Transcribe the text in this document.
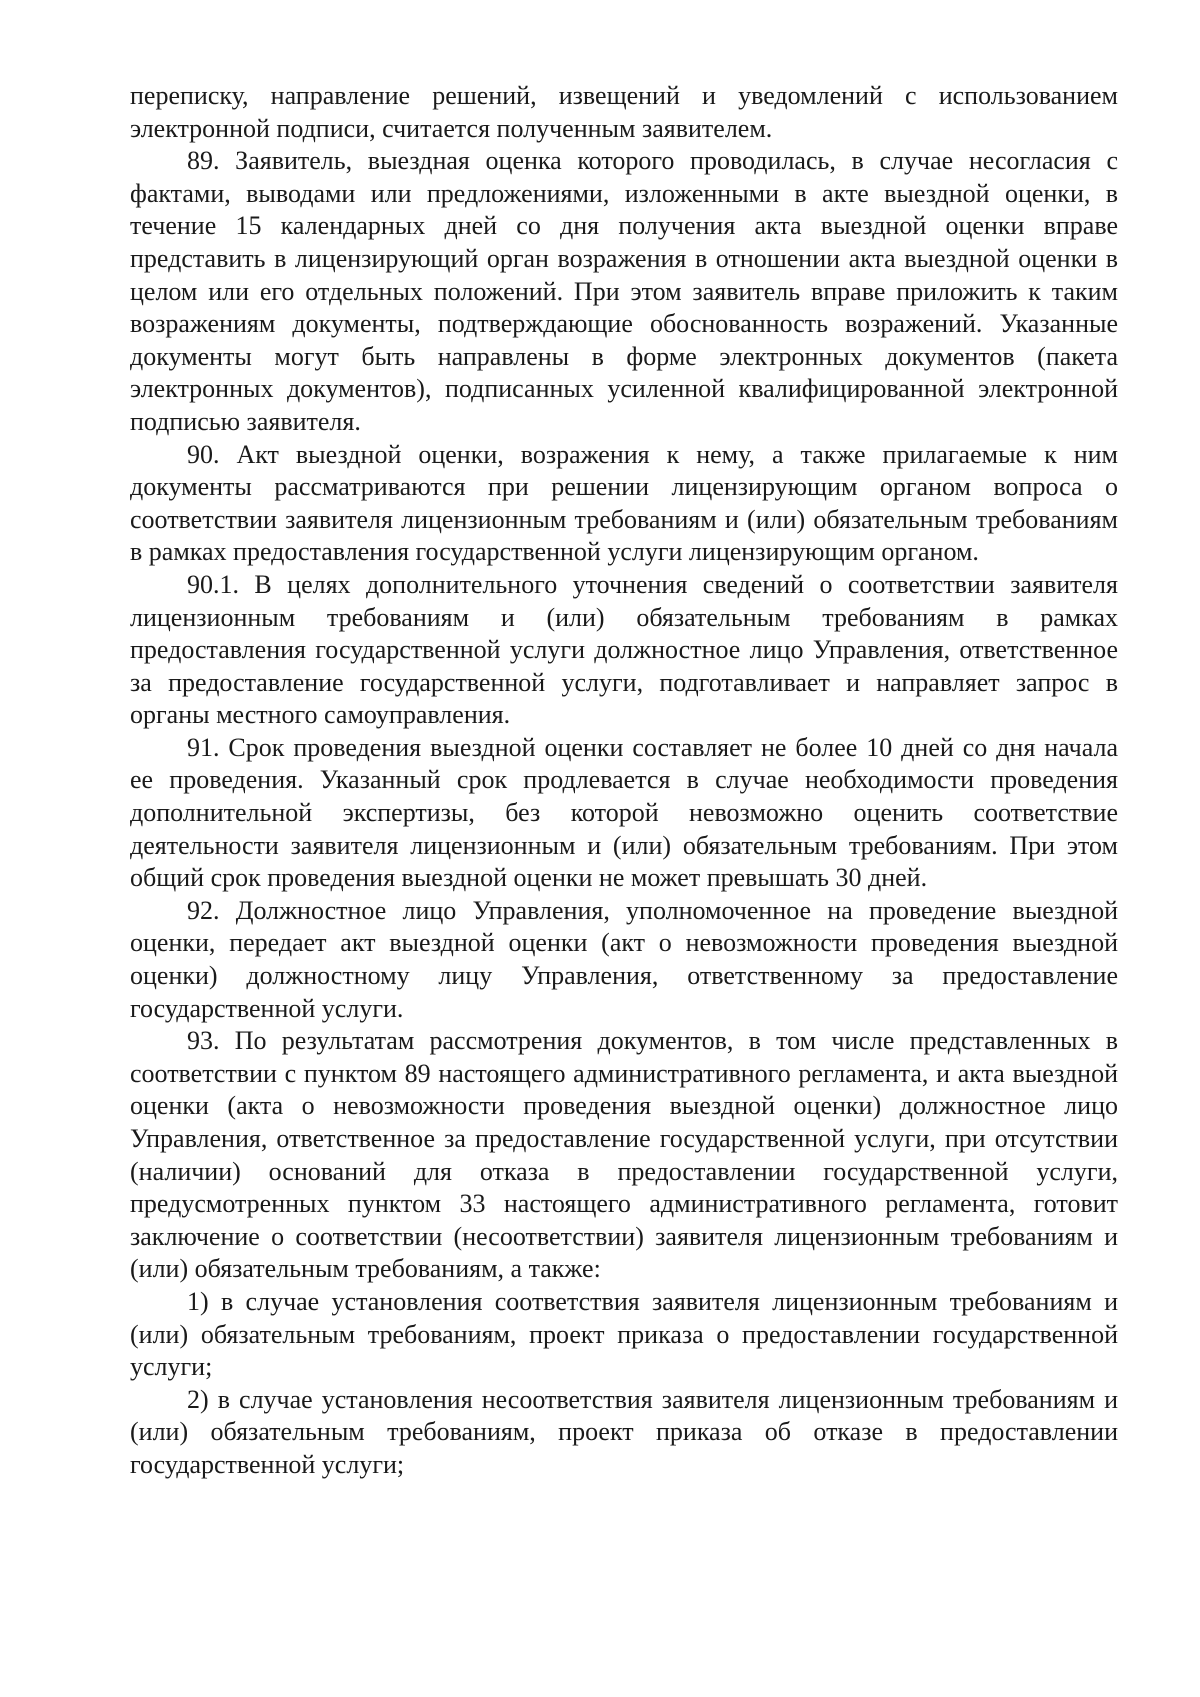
переписку, направление решений, извещений и уведомлений с использованием электронной подписи, считается полученным заявителем.

89. Заявитель, выездная оценка которого проводилась, в случае несогласия с фактами, выводами или предложениями, изложенными в акте выездной оценки, в течение 15 календарных дней со дня получения акта выездной оценки вправе представить в лицензирующий орган возражения в отношении акта выездной оценки в целом или его отдельных положений. При этом заявитель вправе приложить к таким возражениям документы, подтверждающие обоснованность возражений. Указанные документы могут быть направлены в форме электронных документов (пакета электронных документов), подписанных усиленной квалифицированной электронной подписью заявителя.

90. Акт выездной оценки, возражения к нему, а также прилагаемые к ним документы рассматриваются при решении лицензирующим органом вопроса о соответствии заявителя лицензионным требованиям и (или) обязательным требованиям в рамках предоставления государственной услуги лицензирующим органом.

90.1. В целях дополнительного уточнения сведений о соответствии заявителя лицензионным требованиям и (или) обязательным требованиям в рамках предоставления государственной услуги должностное лицо Управления, ответственное за предоставление государственной услуги, подготавливает и направляет запрос в органы местного самоуправления.

91. Срок проведения выездной оценки составляет не более 10 дней со дня начала ее проведения. Указанный срок продлевается в случае необходимости проведения дополнительной экспертизы, без которой невозможно оценить соответствие деятельности заявителя лицензионным и (или) обязательным требованиям. При этом общий срок проведения выездной оценки не может превышать 30 дней.

92. Должностное лицо Управления, уполномоченное на проведение выездной оценки, передает акт выездной оценки (акт о невозможности проведения выездной оценки) должностному лицу Управления, ответственному за предоставление государственной услуги.

93. По результатам рассмотрения документов, в том числе представленных в соответствии с пунктом 89 настоящего административного регламента, и акта выездной оценки (акта о невозможности проведения выездной оценки) должностное лицо Управления, ответственное за предоставление государственной услуги, при отсутствии (наличии) оснований для отказа в предоставлении государственной услуги, предусмотренных пунктом 33 настоящего административного регламента, готовит заключение о соответствии (несоответствии) заявителя лицензионным требованиям и (или) обязательным требованиям, а также:

1) в случае установления соответствия заявителя лицензионным требованиям и (или) обязательным требованиям, проект приказа о предоставлении государственной услуги;

2) в случае установления несоответствия заявителя лицензионным требованиям и (или) обязательным требованиям, проект приказа об отказе в предоставлении государственной услуги;
